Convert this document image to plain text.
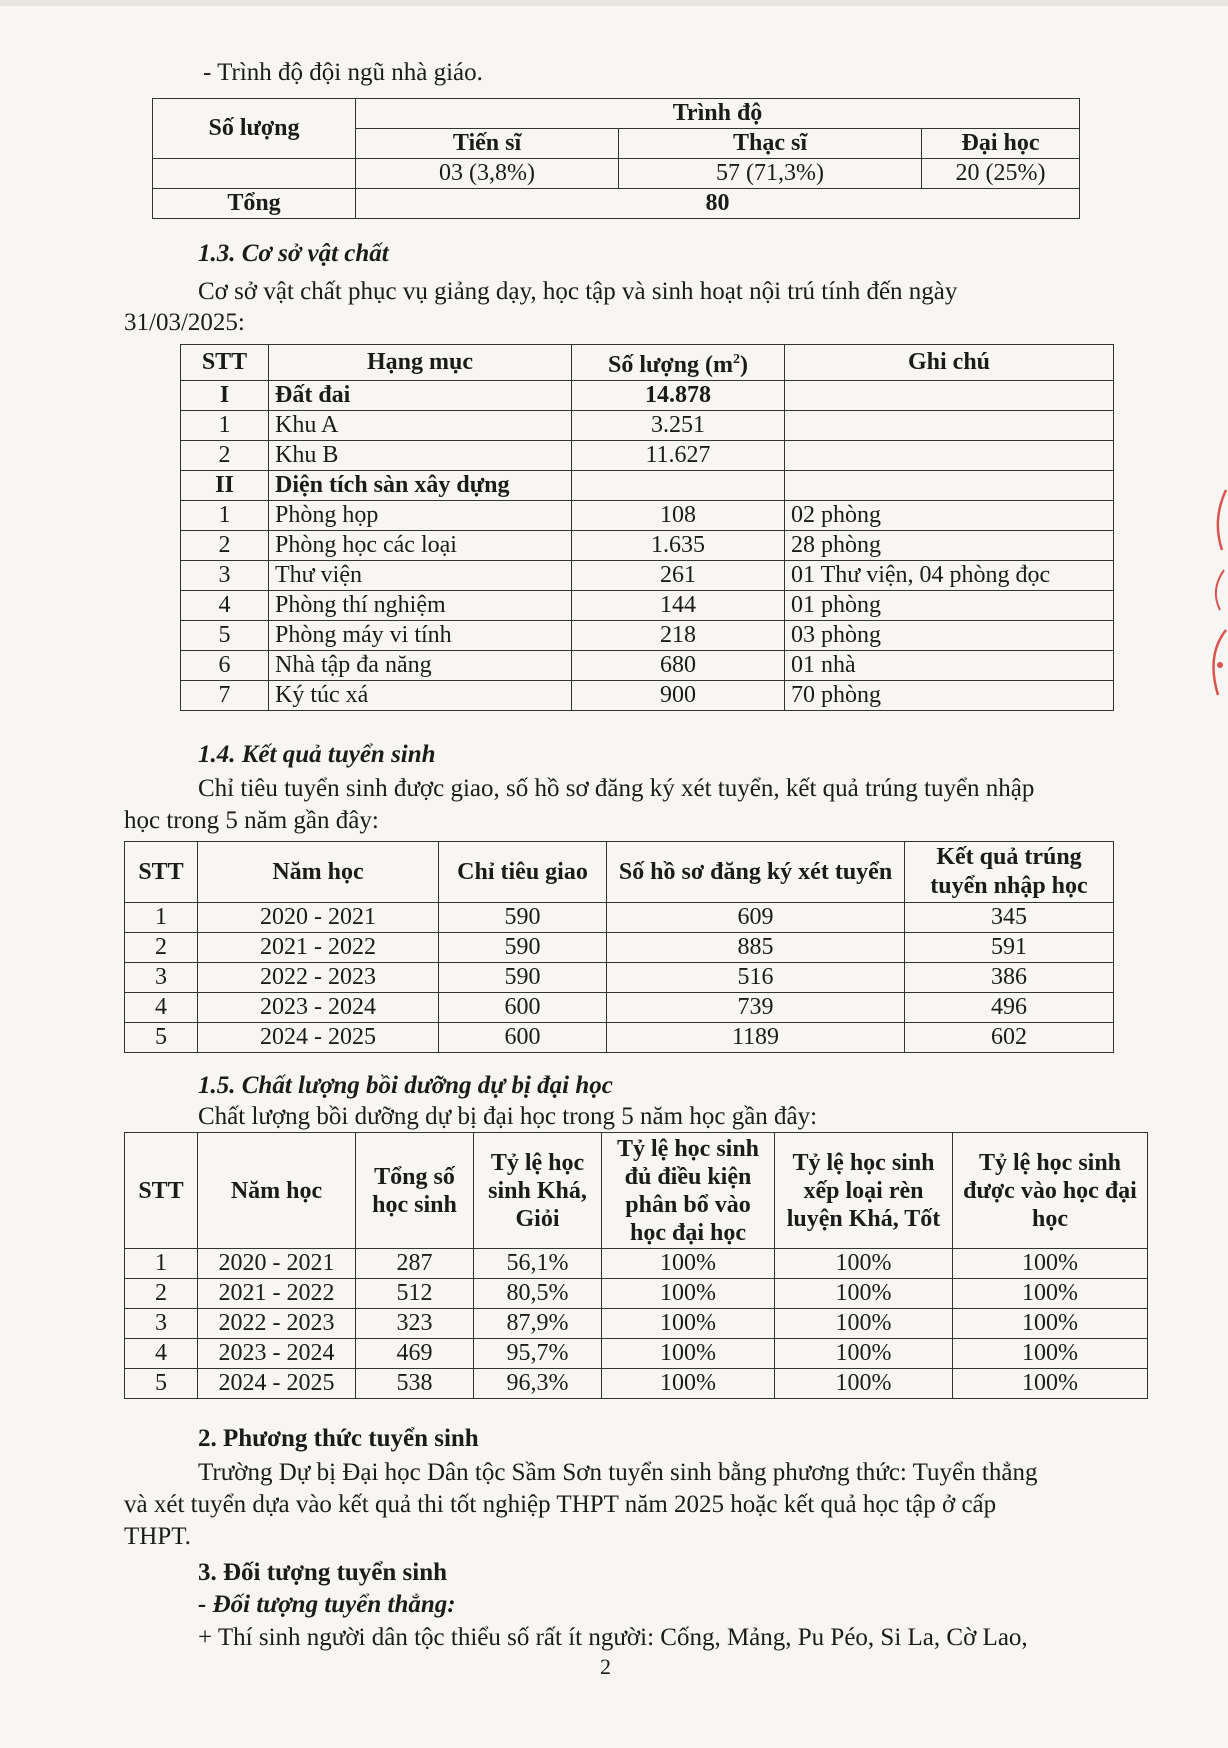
- Trình độ đội ngũ nhà giáo.
Số lượng	Trình độ		
	Tiến sĩ	Thạc sĩ	Đại học
	03 (3,8%)	57 (71,3%)	20 (25%)
Tổng	80		
1.3. Cơ sở vật chất
Cơ sở vật chất phục vụ giảng dạy, học tập và sinh hoạt nội trú tính đến ngày
31/03/2025:
STT	Hạng mục	Số lượng $(m^2)$	Ghi chú
I	Đất đai	14.878	
1	Khu A	3.251	
2	Khu B	11.627	
II	Diện tích sàn xây dựng		
1	Phòng họp	108	02 phòng
2	Phòng học các loại	1.635	28 phòng
3	Thư viện	261	01 Thư viện, 04 phòng đọc
4	Phòng thí nghiệm	144	01 phòng
5	Phòng máy vi tính	218	03 phòng
6	Nhà tập đa năng	680	01 nhà
7	Ký túc xá	900	70 phòng
1.4. Kết quả tuyển sinh
Chỉ tiêu tuyển sinh được giao, số hồ sơ đăng ký xét tuyển, kết quả trúng tuyển nhập
học trong 5 năm gần đây:
STT	Năm học	Chỉ tiêu giao	Số hồ sơ đăng ký xét tuyển	Kết quả trúng tuyển nhập học
1	2020 - 2021	590	609	345
2	2021 - 2022	590	885	591
3	2022 - 2023	590	516	386
4	2023 - 2024	600	739	496
5	2024 - 2025	600	1189	602
1.5. Chất lượng bồi dưỡng dự bị đại học
Chất lượng bồi dưỡng dự bị đại học trong 5 năm học gần đây:
STT	Năm học	Tổng số học sinh	Tỷ lệ học sinh Khá, Giỏi	Tỷ lệ học sinh đủ điều kiện phân bổ vào học đại học	Tỷ lệ học sinh xếp loại rèn luyện Khá, Tốt	Tỷ lệ học sinh được vào học đại học
1	2020 - 2021	287	56,1%	100%	100%	100%
2	2021 - 2022	512	80,5%	100%	100%	100%
3	2022 - 2023	323	87,9%	100%	100%	100%
4	2023 - 2024	469	95,7%	100%	100%	100%
5	2024 - 2025	538	96,3%	100%	100%	100%
2. Phương thức tuyển sinh
Trường Dự bị Đại học Dân tộc Sầm Sơn tuyển sinh bằng phương thức: Tuyển thẳng
và xét tuyển dựa vào kết quả thi tốt nghiệp THPT năm 2025 hoặc kết quả học tập ở cấp
THPT.
3. Đối tượng tuyển sinh
- Đối tượng tuyển thẳng:
+ Thí sinh người dân tộc thiểu số rất ít người: Cống, Mảng, Pu Péo, Si La, Cờ Lao,
2
